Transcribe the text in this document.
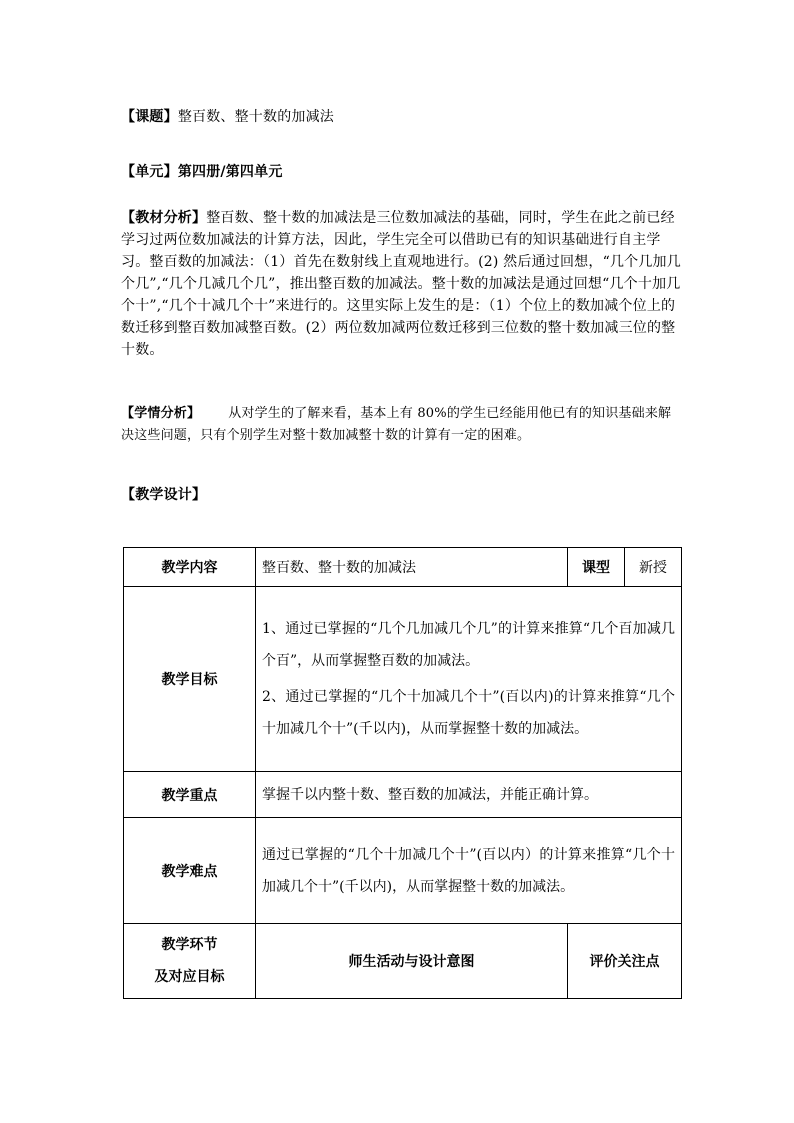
【课题】整百数、整十数的加减法
【单元】第四册/第四单元
【教材分析】整百数、整十数的加减法是三位数加减法的基础，同时，学生在此之前已经学习过两位数加减法的计算方法，因此，学生完全可以借助已有的知识基础进行自主学习。整百数的加减法：（1）首先在数射线上直观地进行。(2) 然后通过回想，“几个几加几个几”,“几个几减几个几”，推出整百数的加减法。整十数的加减法是通过回想“几个十加几个十”,“几个十减几个十”来进行的。这里实际上发生的是：（1）个位上的数加减个位上的数迁移到整百数加减整百数。(2）两位数加减两位数迁移到三位数的整十数加减三位的整十数。
【学情分析】 从对学生的了解来看，基本上有 80%的学生已经能用他已有的知识基础来解决这些问题，只有个别学生对整十数加减整十数的计算有一定的困难。
【教学设计】
教学内容	整百数、整十数的加减法	课型	新授
教学目标	1、通过已掌握的“几个几加减几个几”的计算来推算“几个百加减几个百”，从而掌握整百数的加减法。
2、通过已掌握的“几个十加减几个十”(百以内)的计算来推算“几个十加减几个十”(千以内)，从而掌握整十数的加减法。		

教学重点	掌握千以内整十数、整百数的加减法，并能正确计算。		
教学难点	通过已掌握的“几个十加减几个十”(百以内）的计算来推算“几个十加减几个十”(千以内)，从而掌握整十数的加减法。		

教学环节
及对应目标	师生活动与设计意图	评价关注点	
